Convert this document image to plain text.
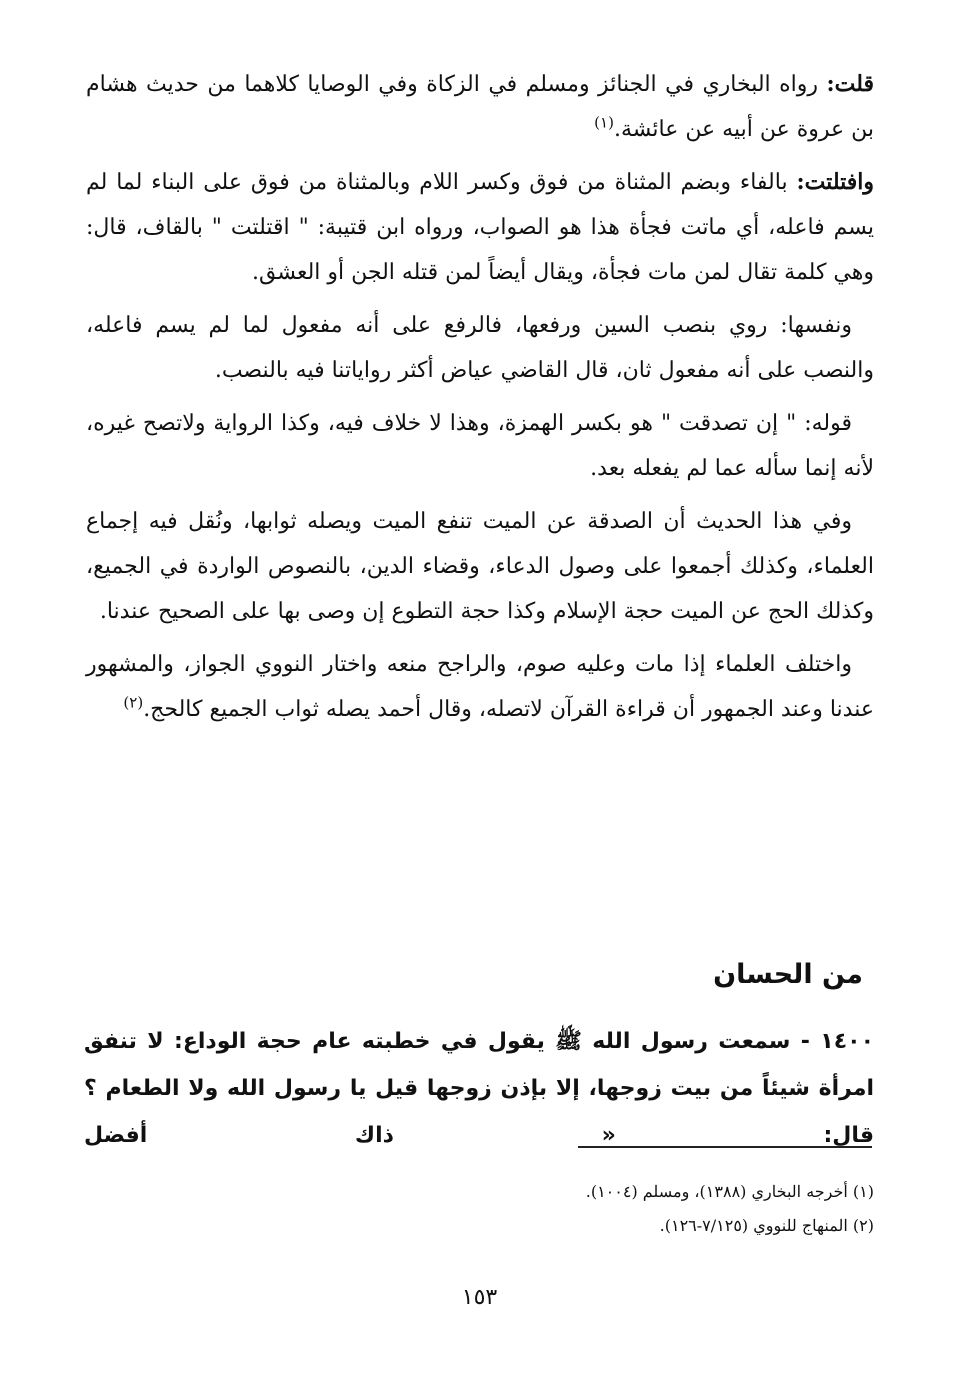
قلت: رواه البخاري في الجنائز ومسلم في الزكاة وفي الوصايا كلاهما من حديث هشام بن عروة عن أبيه عن عائشة.$^{(١)}$

وافتلتت: بالفاء وبضم المثناة من فوق وكسر اللام وبالمثناة من فوق على البناء لما لم يسم فاعله، أي ماتت فجأة هذا هو الصواب، ورواه ابن قتيبة: " اقتلتت " بالقاف، قال: وهي كلمة تقال لمن مات فجأة، ويقال أيضاً لمن قتله الجن أو العشق.

ونفسها: روي بنصب السين ورفعها، فالرفع على أنه مفعول لما لم يسم فاعله، والنصب على أنه مفعول ثان، قال القاضي عياض أكثر رواياتنا فيه بالنصب.

قوله: " إن تصدقت " هو بكسر الهمزة، وهذا لا خلاف فيه، وكذا الرواية ولاتصح غيره، لأنه إنما سأله عما لم يفعله بعد.

وفي هذا الحديث أن الصدقة عن الميت تنفع الميت ويصله ثوابها، ونُقل فيه إجماع العلماء، وكذلك أجمعوا على وصول الدعاء، وقضاء الدين، بالنصوص الواردة في الجميع، وكذلك الحج عن الميت حجة الإسلام وكذا حجة التطوع إن وصى بها على الصحيح عندنا.

واختلف العلماء إذا مات وعليه صوم، والراجح منعه واختار النووي الجواز، والمشهور عندنا وعند الجمهور أن قراءة القرآن لاتصله، وقال أحمد يصله ثواب الجميع كالحج.$^{(٢)}$

من الحسان
١٤٠٠ - سمعت رسول الله ﷺ يقول في خطبته عام حجة الوداع: لا تنفق امرأة شيئاً من بيت زوجها، إلا بإذن زوجها قيل يا رسول الله ولا الطعام ؟ قال: « ذاك أفضل

(١) أخرجه البخاري (١٣٨٨)، ومسلم (١٠٠٤).

(٢) المنهاج للنووي (٧/١٢٥-١٢٦).

١٥٣
